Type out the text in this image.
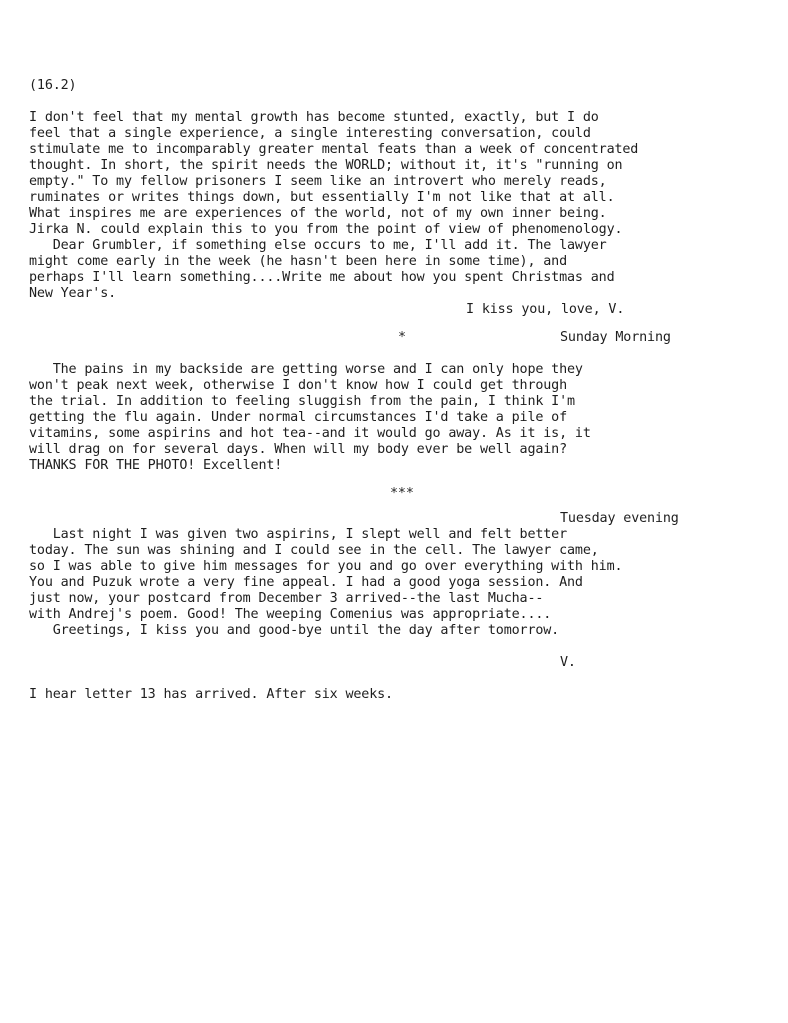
(16.2)
I don't feel that my mental growth has become stunted, exactly, but I do
feel that a single experience, a single interesting conversation, could
stimulate me to incomparably greater mental feats than a week of concentrated
thought. In short, the spirit needs the WORLD; without it, it's "running on
empty." To my fellow prisoners I seem like an introvert who merely reads,
ruminates or writes things down, but essentially I'm not like that at all.
What inspires me are experiences of the world, not of my own inner being.
Jirka N. could explain this to you from the point of view of phenomenology.
Dear Grumbler, if something else occurs to me, I'll add it. The lawyer
might come early in the week (he hasn't been here in some time), and
perhaps I'll learn something....Write me about how you spent Christmas and
New Year's.
I kiss you, love, V.
*	Sunday Morning
The pains in my backside are getting worse and I can only hope they
won't peak next week, otherwise I don't know how I could get through
the trial. In addition to feeling sluggish from the pain, I think I'm
getting the flu again. Under normal circumstances I'd take a pile of
vitamins, some aspirins and hot tea--and it would go away. As it is, it
will drag on for several days. When will my body ever be well again?
THANKS FOR THE PHOTO! Excellent!
***
Tuesday evening
Last night I was given two aspirins, I slept well and felt better
today. The sun was shining and I could see in the cell. The lawyer came,
so I was able to give him messages for you and go over everything with him.
You and Puzuk wrote a very fine appeal. I had a good yoga session. And
just now, your postcard from December 3 arrived--the last Mucha--
with Andrej's poem. Good! The weeping Comenius was appropriate....
Greetings, I kiss you and good-bye until the day after tomorrow.
V.
I hear letter 13 has arrived. After six weeks.
